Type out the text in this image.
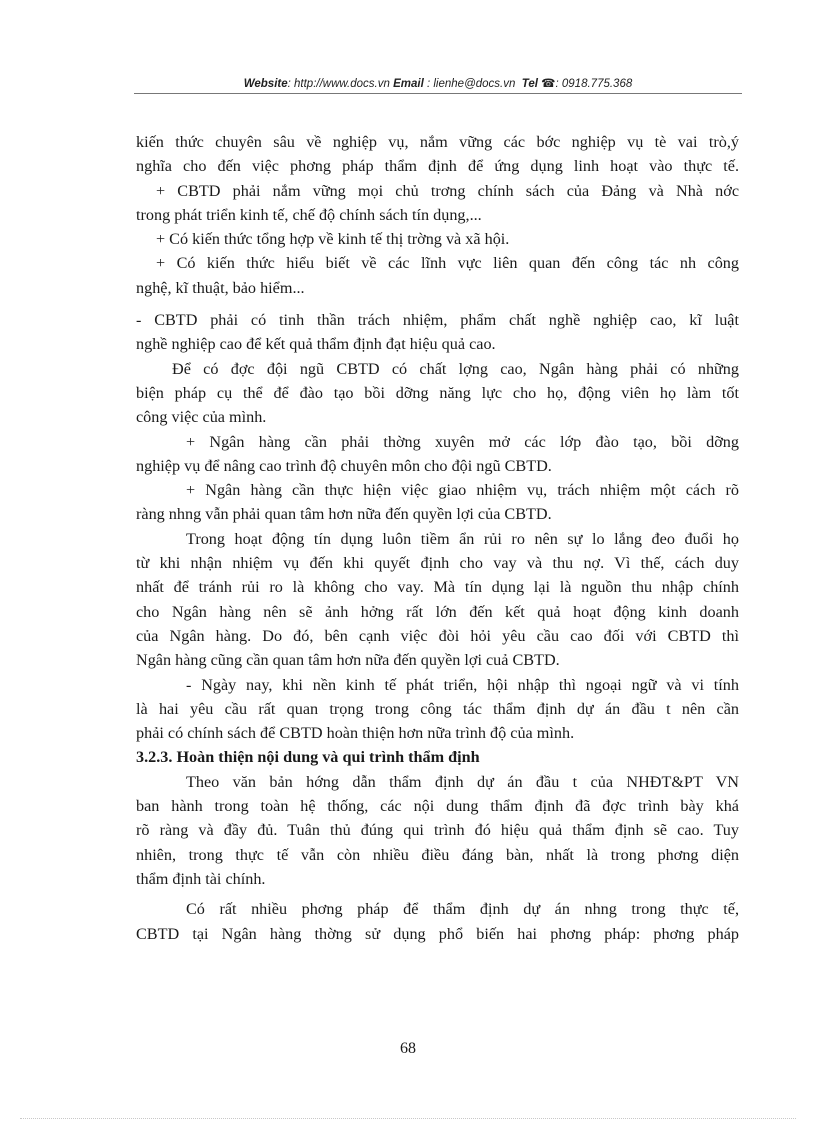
Website: http://www.docs.vn Email : lienhe@docs.vn Tel ☎: 0918.775.368
kiến thức chuyên sâu về nghiệp vụ, nắm vững các bớc nghiệp vụ tè vai trò,ý
nghĩa cho đến việc phơng pháp thẩm định để ứng dụng linh hoạt vào thực tế.
+ CBTD phải nắm vững mọi chủ trơng chính sách của Đảng và Nhà nớc
trong phát triển kinh tế, chế độ chính sách tín dụng,...
+ Có kiến thức tổng hợp về kinh tế thị trờng và xã hội.
+ Có kiến thức hiểu biết về các lĩnh vực liên quan đến công tác nh công
nghệ, kĩ thuật, bảo hiểm...
- CBTD phải có tinh thần trách nhiệm, phẩm chất nghề nghiệp cao, kĩ luật
nghề nghiệp cao để kết quả thẩm định đạt hiệu quả cao.
Để có đợc đội ngũ CBTD có chất lợng cao, Ngân hàng phải có những
biện pháp cụ thể để đào tạo bồi dỡng năng lực cho họ, động viên họ làm tốt
công việc của mình.
+ Ngân hàng cần phải thờng xuyên mở các lớp đào tạo, bồi dỡng
nghiệp vụ để nâng cao trình độ chuyên môn cho đội ngũ CBTD.
+ Ngân hàng cần thực hiện việc giao nhiệm vụ, trách nhiệm một cách rõ
ràng nhng vẫn phải quan tâm hơn nữa đến quyền lợi của CBTD.
Trong hoạt động tín dụng luôn tiềm ẩn rủi ro nên sự lo lắng đeo đuổi họ
từ khi nhận nhiệm vụ đến khi quyết định cho vay và thu nợ. Vì thế, cách duy
nhất để tránh rủi ro là không cho vay. Mà tín dụng lại là nguồn thu nhập chính
cho Ngân hàng nên sẽ ảnh hởng rất lớn đến kết quả hoạt động kinh doanh
của Ngân hàng. Do đó, bên cạnh việc đòi hỏi yêu cầu cao đối với CBTD thì
Ngân hàng cũng cần quan tâm hơn nữa đến quyền lợi cuả CBTD.
- Ngày nay, khi nền kinh tế phát triển, hội nhập thì ngoại ngữ và vi tính
là hai yêu cầu rất quan trọng trong công tác thẩm định dự án đầu t nên cần
phải có chính sách để CBTD hoàn thiện hơn nữa trình độ của mình.
3.2.3. Hoàn thiện nội dung và qui trình thẩm định
Theo văn bản hớng dẫn thẩm định dự án đầu t của NHĐT&PT VN
ban hành trong toàn hệ thống, các nội dung thẩm định đã đợc trình bày khá
rõ ràng và đầy đủ. Tuân thủ đúng qui trình đó hiệu quả thẩm định sẽ cao. Tuy
nhiên, trong thực tế vẫn còn nhiều điều đáng bàn, nhất là trong phơng diện
thẩm định tài chính.
Có rất nhiều phơng pháp để thẩm định dự án nhng trong thực tế,
CBTD tại Ngân hàng thờng sử dụng phổ biến hai phơng pháp: phơng pháp
68
